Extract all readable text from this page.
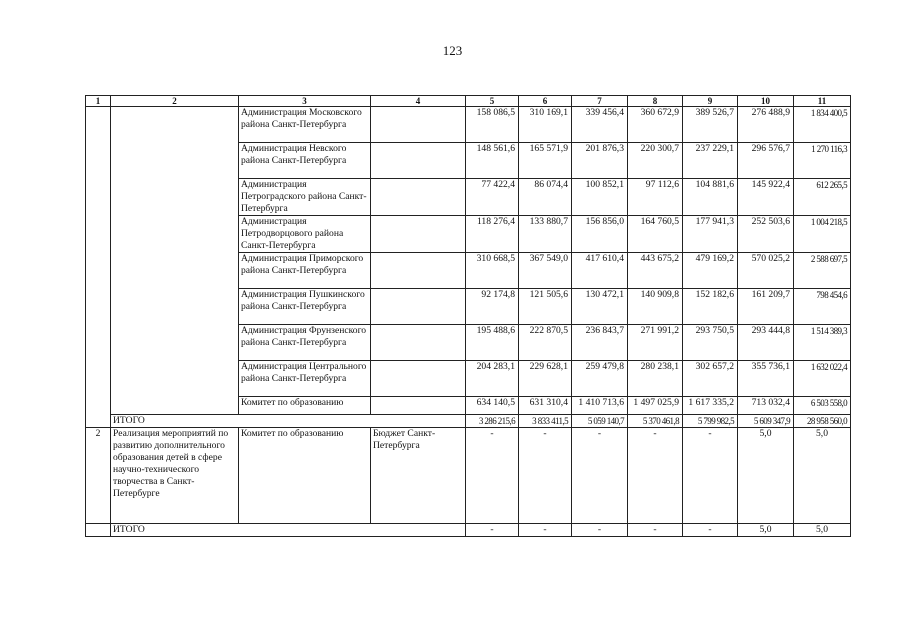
123
1	2	3	4	5	6	7	8	9	10	11
		Администрация Московского района Санкт-Петербурга		158 086,5	310 169,1	339 456,4	360 672,9	389 526,7	276 488,9	1 834 400,5
		Администрация Невского района Санкт-Петербурга		148 561,6	165 571,9	201 876,3	220 300,7	237 229,1	296 576,7	1 270 116,3
		Администрация Петроградского района Санкт-Петербурга		77 422,4	86 074,4	100 852,1	97 112,6	104 881,6	145 922,4	612 265,5
		Администрация Петродворцового района Санкт-Петербурга		118 276,4	133 880,7	156 856,0	164 760,5	177 941,3	252 503,6	1 004 218,5
		Администрация Приморского района Санкт-Петербурга		310 668,5	367 549,0	417 610,4	443 675,2	479 169,2	570 025,2	2 588 697,5
		Администрация Пушкинского района Санкт-Петербурга		92 174,8	121 505,6	130 472,1	140 909,8	152 182,6	161 209,7	798 454,6
		Администрация Фрунзенского района Санкт-Петербурга		195 488,6	222 870,5	236 843,7	271 991,2	293 750,5	293 444,8	1 514 389,3
		Администрация Центрального района Санкт-Петербурга		204 283,1	229 628,1	259 479,8	280 238,1	302 657,2	355 736,1	1 632 022,4
		Комитет по образованию		634 140,5	631 310,4	1 410 713,6	1 497 025,9	1 617 335,2	713 032,4	6 503 558,0
	ИТОГО			3 286 215,6	3 833 411,5	5 059 140,7	5 370 461,8	5 799 982,5	5 609 347,9	28 958 560,0
2	Реализация мероприятий по развитию дополнительного образования детей в сфере научно-технического творчества в Санкт-Петербурге	Комитет по образованию	Бюджет Санкт-Петербурга	-	-	-	-	-	5,0	5,0
	ИТОГО			-	-	-	-	-	5,0	5,0
